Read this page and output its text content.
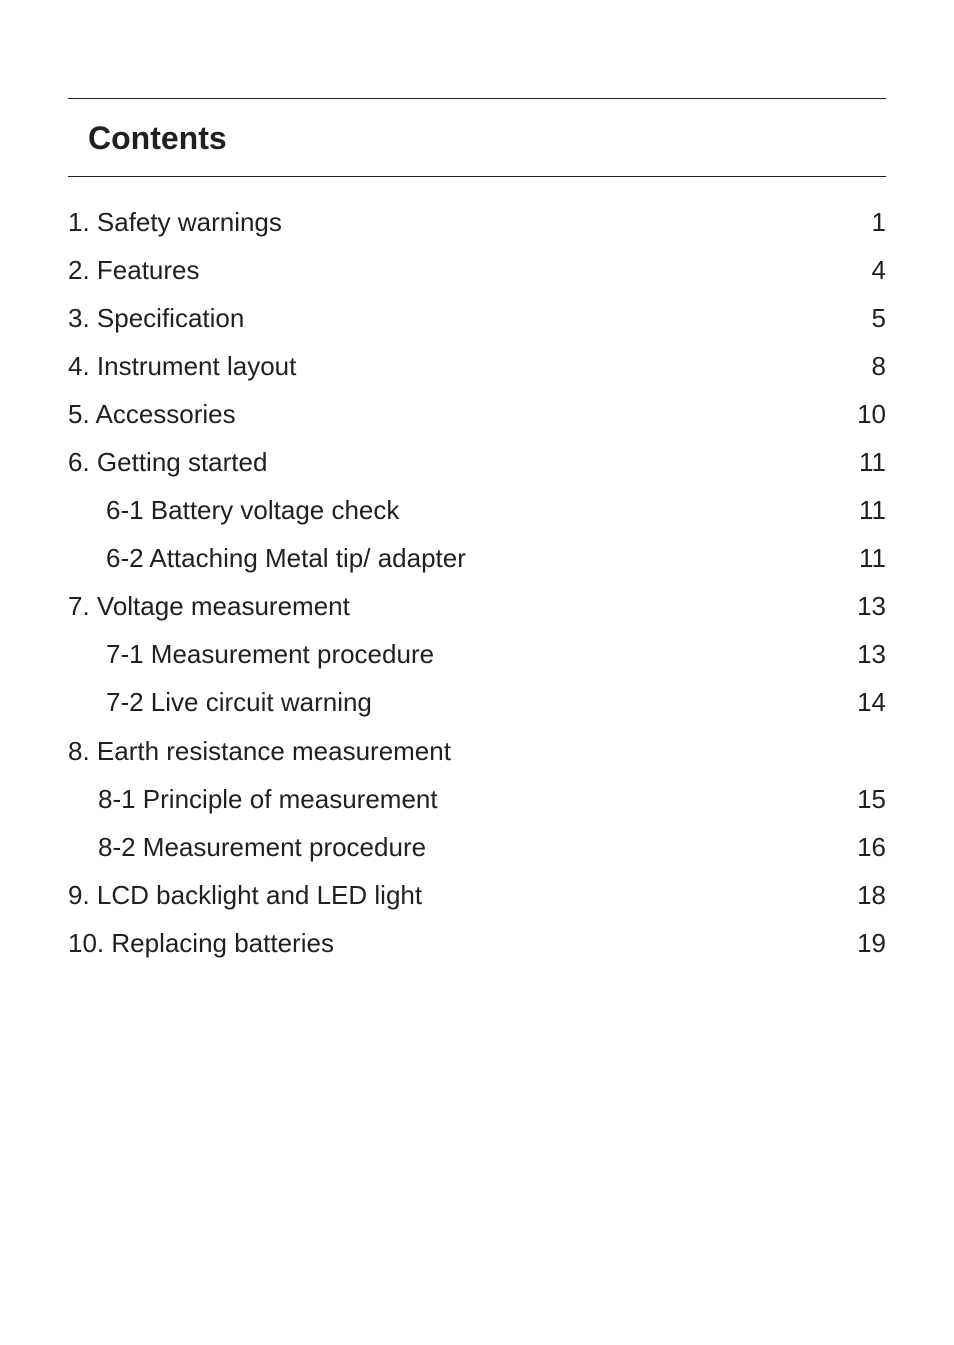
Contents
1. Safety warnings	1
2. Features	4
3. Specification	5
4. Instrument layout	8
5. Accessories	10
6. Getting started	11
6-1 Battery voltage check	11
6-2 Attaching Metal tip/ adapter	11
7. Voltage measurement	13
7-1 Measurement procedure	13
7-2 Live circuit warning	14
8. Earth resistance measurement
8-1 Principle of measurement	15
8-2 Measurement procedure	16
9. LCD backlight and LED light	18
10. Replacing batteries	19
